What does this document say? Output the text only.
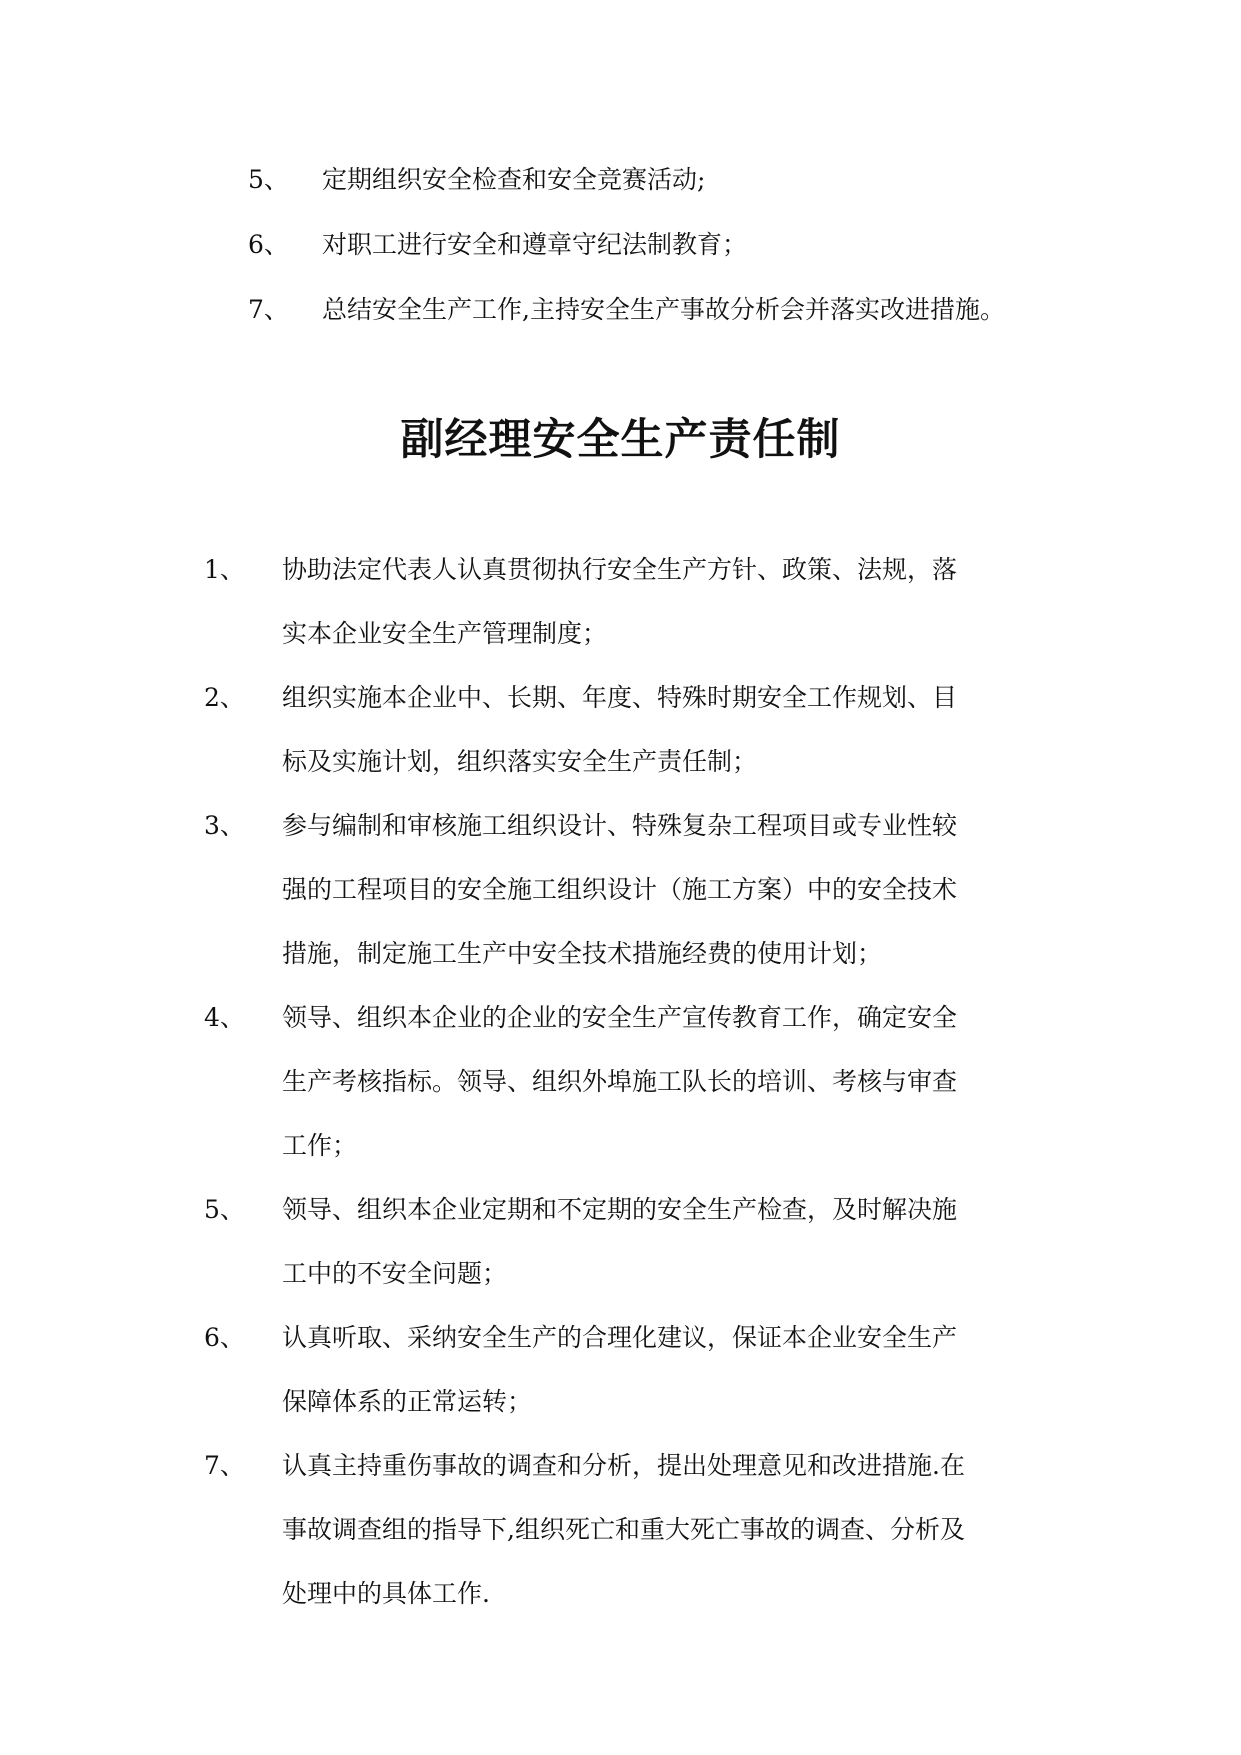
5、 定期组织安全检查和安全竞赛活动;
6、 对职工进行安全和遵章守纪法制教育；
7、 总结安全生产工作,主持安全生产事故分析会并落实改进措施。
副经理安全生产责任制
1、 协助法定代表人认真贯彻执行安全生产方针、政策、法规，落
实本企业安全生产管理制度；
2、 组织实施本企业中、长期、年度、特殊时期安全工作规划、目
标及实施计划，组织落实安全生产责任制；
3、 参与编制和审核施工组织设计、特殊复杂工程项目或专业性较
强的工程项目的安全施工组织设计（施工方案）中的安全技术
措施，制定施工生产中安全技术措施经费的使用计划；
4、 领导、组织本企业的企业的安全生产宣传教育工作，确定安全
生产考核指标。领导、组织外埠施工队长的培训、考核与审查
工作；
5、 领导、组织本企业定期和不定期的安全生产检查，及时解决施
工中的不安全问题；
6、 认真听取、采纳安全生产的合理化建议，保证本企业安全生产
保障体系的正常运转；
7、 认真主持重伤事故的调查和分析，提出处理意见和改进措施.在
事故调查组的指导下,组织死亡和重大死亡事故的调查、分析及
处理中的具体工作.
